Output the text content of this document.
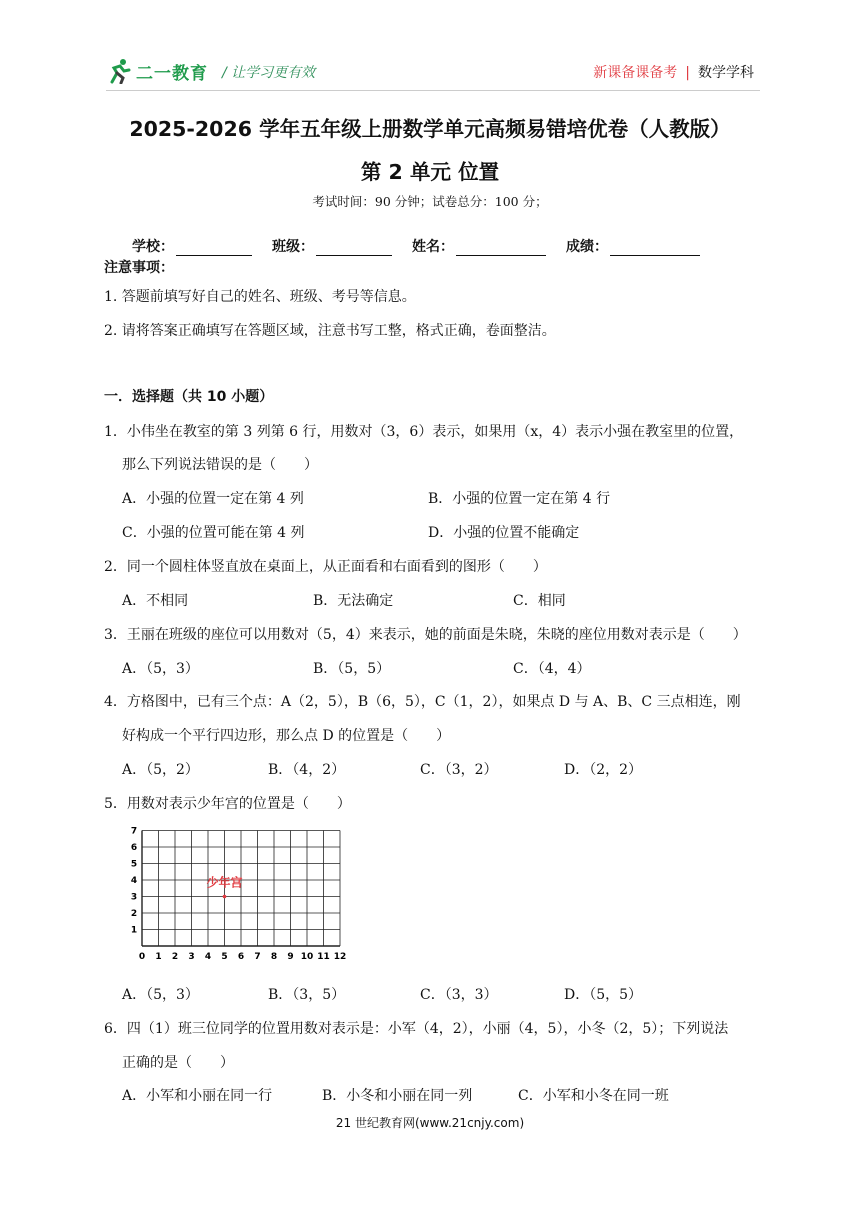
二一教育 / 让学习更有效	新课备课备考 | 数学学科
2025-2026 学年五年级上册数学单元高频易错培优卷（人教版）
第 2 单元 位置
考试时间：90 分钟；试卷总分：100 分；
学校：	班级：	姓名：	成绩：
注意事项：
1. 答题前填写好自己的姓名、班级、考号等信息。
2. 请将答案正确填写在答题区域，注意书写工整，格式正确，卷面整洁。
一．选择题（共 10 小题）
1．小伟坐在教室的第 3 列第 6 行，用数对（3，6）表示，如果用（x，4）表示小强在教室里的位置，
那么下列说法错误的是（　　）
A．小强的位置一定在第 4 列	B．小强的位置一定在第 4 行
C．小强的位置可能在第 4 列	D．小强的位置不能确定
2．同一个圆柱体竖直放在桌面上，从正面看和右面看到的图形（　　）
A．不相同	B．无法确定	C．相同
3．王丽在班级的座位可以用数对（5，4）来表示，她的前面是朱晓，朱晓的座位用数对表示是（　　）
A．（5，3）	B．（5，5）	C．（4，4）
4．方格图中，已有三个点：A（2，5），B（6，5），C（1，2），如果点 D 与 A、B、C 三点相连，刚
好构成一个平行四边形，那么点 D 的位置是（　　）
A．（5，2）	B．（4，2）	C．（3，2）	D．（2，2）
5．用数对表示少年宫的位置是（　　）
0 1 2 3 4 5 6 7 8 9 10 11 12
1
2
3
4
5
6
7
少年宫
A．（5，3）	B．（3，5）	C．（3，3）	D．（5，5）
6．四（1）班三位同学的位置用数对表示是：小军（4，2），小丽（4，5），小冬（2，5）；下列说法
正确的是（　　）
A．小军和小丽在同一行	B．小冬和小丽在同一列	C．小军和小冬在同一班
21 世纪教育网(www.21cnjy.com)
